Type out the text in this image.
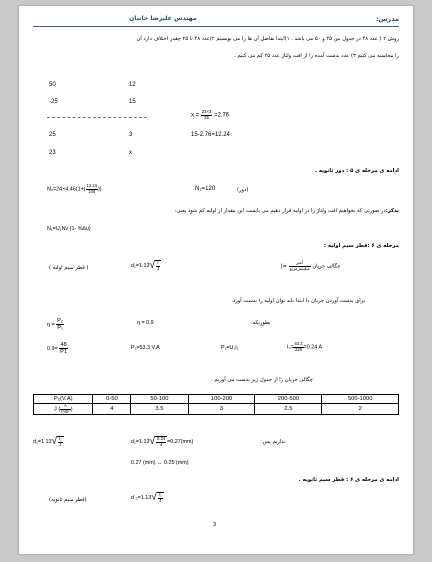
مهندس علیرضا خانیان	مدرس:
روش ۲ ) عدد ۴۸ در جدول بین ۲۵ و ۵۰ می باشد . ۱)ابتدا تفاضل آن ها را می نویسیم ۲)عدد ۴۸ تا ۲۵ چقدر اختلاف دارد آن
را محاسبه می کنیم ۳) عدد بدست آمده را از افت ولتاژ عدد ۲۵ کم می کنیم .
50	12
-25	15
$x = \frac{23\times 3}{25} =2.76$
25	3	15-2.76=12.24
23	x
ادامه ی مرحله ی ۵ : دور ثانویه .
$N_2=24\times 4.46(1+( \frac{12.24}{100}$ ))	N₂=120	(دور)
تذکر:در صورتی که بخواهیم افت ولتاژ را در اولیه قرار دهیم می بایست این مقدار از اولیه کم شود یعنی:
N₁=U₁Nv (1- %∆u)
مرحله ی ۶ :قطر سیم اولیه :
( قطر سیم اولیه )	$d_1=1.13√ \frac{I}{J}$	چگالی جریان
$\frac{\text{آمپر}}{\text{میلیمترمربع}}$
=J
برای بدست آوردن جریان I₁ ابتدا باید توان اولیه را بدست آورد.
$\eta = \frac{\text{P₂}}{\text{P₁}}$	η = 0.9	بطوریکه:
$0.9= \frac{48}{P1}$	P₁=53.3 V.A	P₁=U₁I₁	$I_1= \frac{53.3}{220} =0.24$ A
چگالی جریان را از جدول زیر بدست می آوریم .
P₂(V.A)	0-50	50-100	100-200	200-500	500-1000
J ( $\frac{A}{\text{mm²}}$ )	4	3.5	3	2.5	2
$d_1=1.13√ \frac{\text{I₁}}{J}$	$d_1=1.13√ \frac{0.24}{4} =0.27(mm)$	نداریم پس:
0.27 (mm) ↔ 0.25 (mm)
ادامه ی مرحله ی ۶ : قطر سیم ثانویه .
(قطر سیم ثانویه)	d $_2=1.13√ \frac{\text{I₂}}{J}$
3
